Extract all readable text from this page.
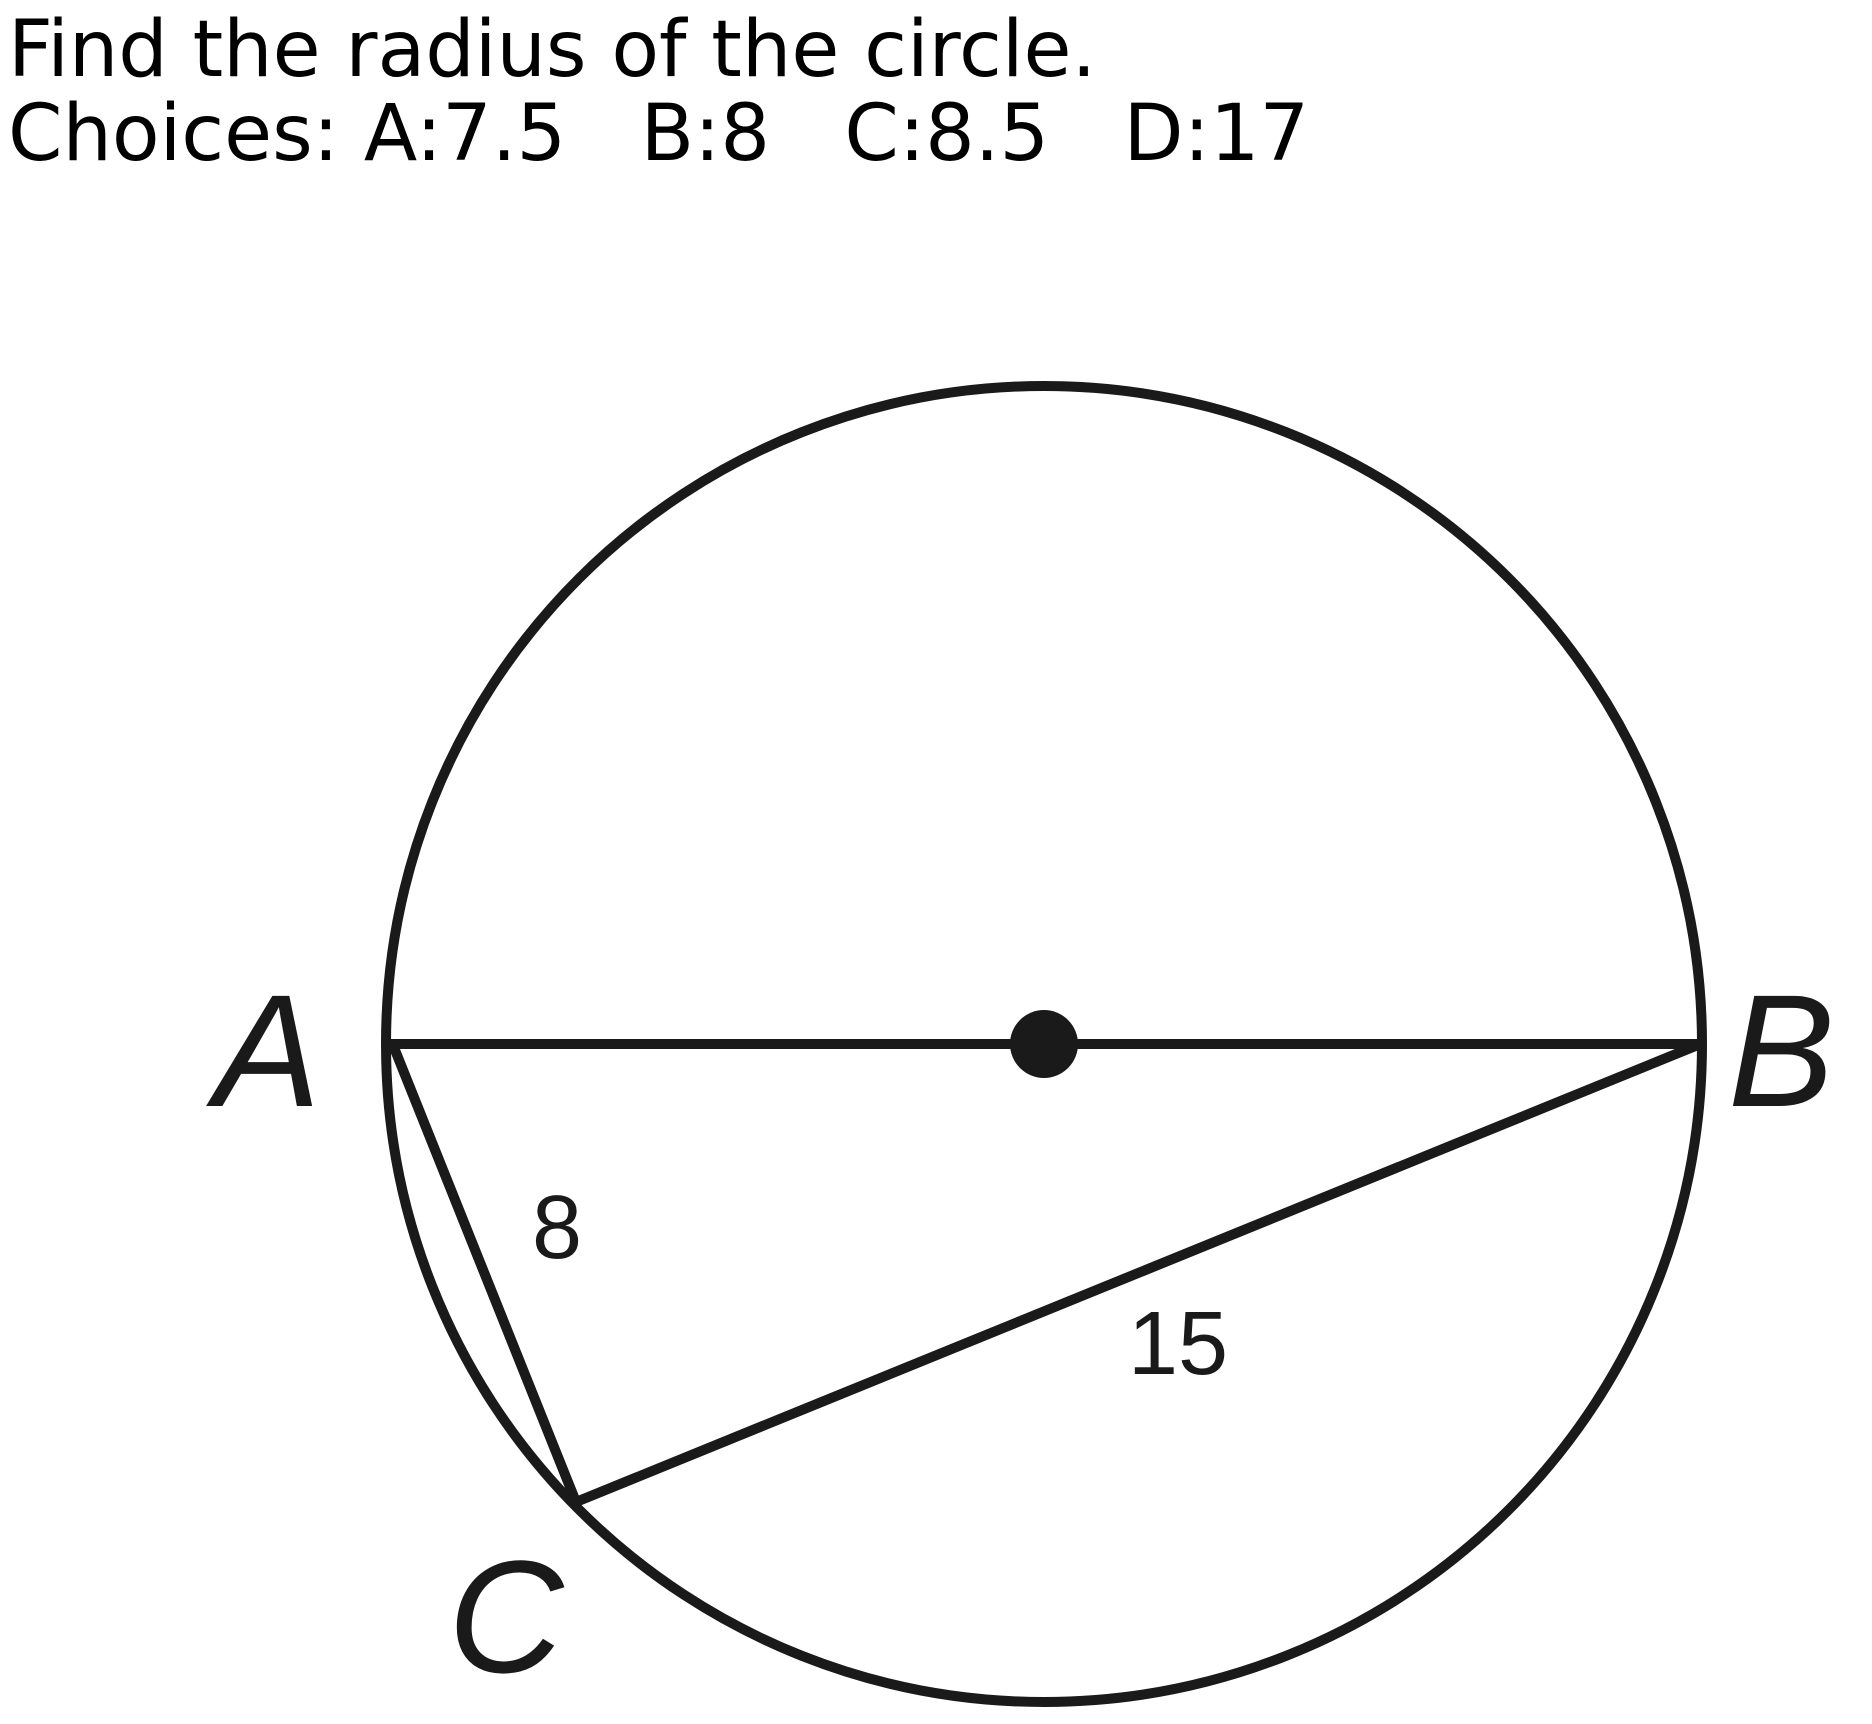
Find the radius of the circle.
Choices: A:7.5   B:8   C:8.5   D:17
A	B
C
8
15
